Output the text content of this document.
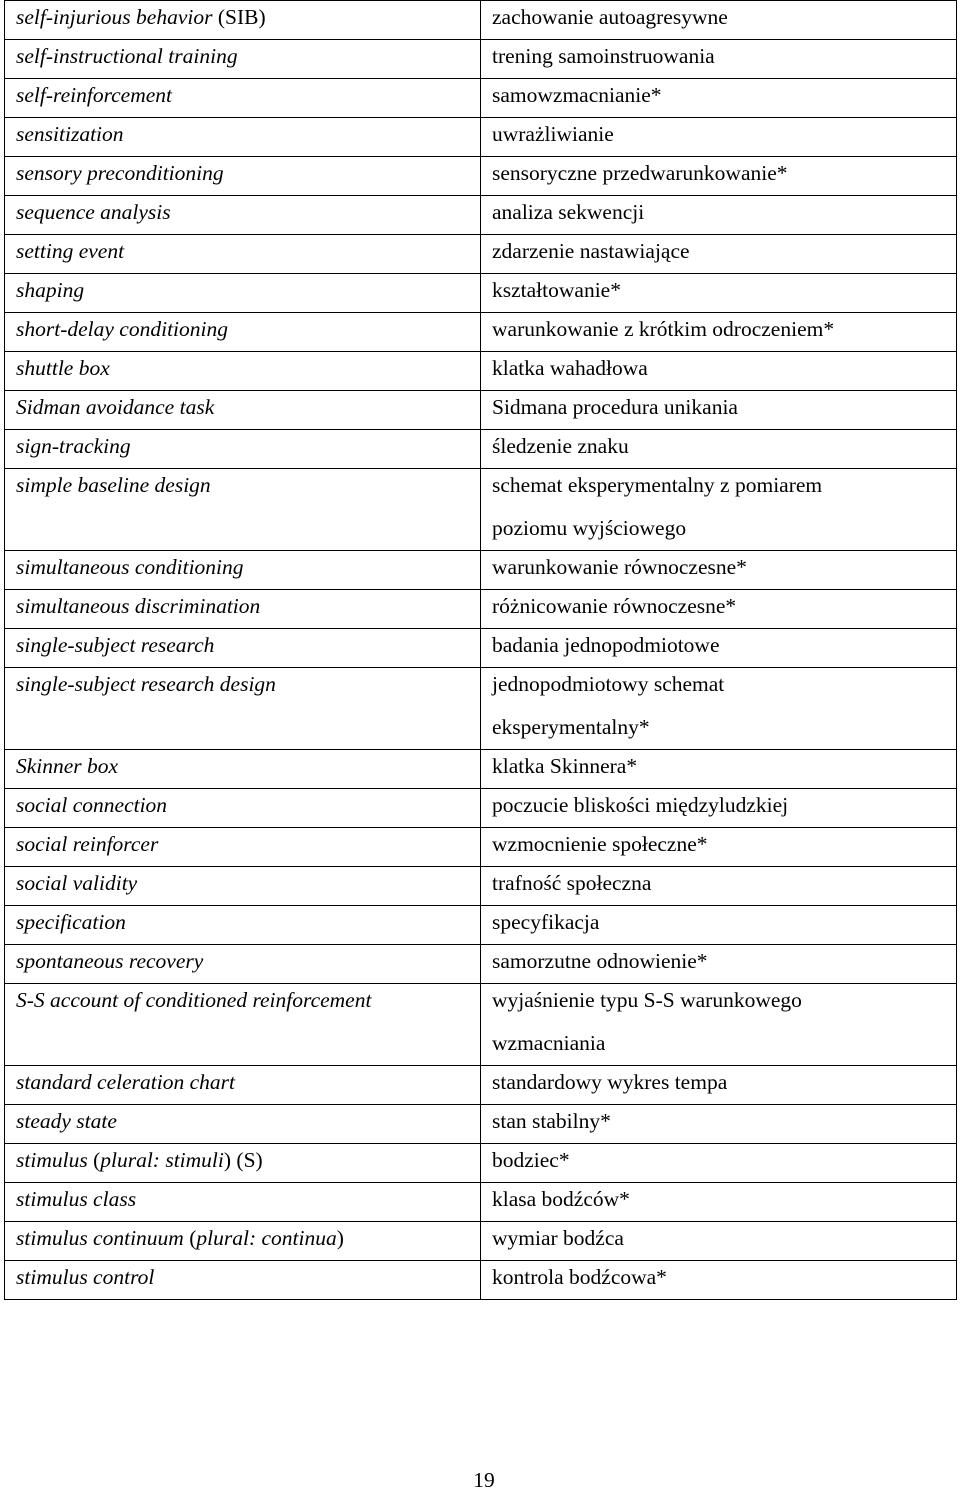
self-injurious behavior (SIB)	zachowanie autoagresywne
self-instructional training	trening samoinstruowania
self-reinforcement	samowzmacnianie*
sensitization	uwrażliwianie
sensory preconditioning	sensoryczne przedwarunkowanie*
sequence analysis	analiza sekwencji
setting event	zdarzenie nastawiające
shaping	kształtowanie*
short-delay conditioning	warunkowanie z krótkim odroczeniem*
shuttle box	klatka wahadłowa
Sidman avoidance task	Sidmana procedura unikania
sign-tracking	śledzenie znaku
simple baseline design	schemat eksperymentalny z pomiarem
poziomu wyjściowego

simultaneous conditioning	warunkowanie równoczesne*
simultaneous discrimination	różnicowanie równoczesne*
single-subject research	badania jednopodmiotowe
single-subject research design	jednopodmiotowy schemat
eksperymentalny*

Skinner box	klatka Skinnera*
social connection	poczucie bliskości międzyludzkiej
social reinforcer	wzmocnienie społeczne*
social validity	trafność społeczna
specification	specyfikacja
spontaneous recovery	samorzutne odnowienie*
S-S account of conditioned reinforcement	wyjaśnienie typu S-S warunkowego
wzmacniania

standard celeration chart	standardowy wykres tempa
steady state	stan stabilny*
stimulus (plural: stimuli) (S)	bodziec*
stimulus class	klasa bodźców*
stimulus continuum (plural: continua)	wymiar bodźca
stimulus control	kontrola bodźcowa*
19
